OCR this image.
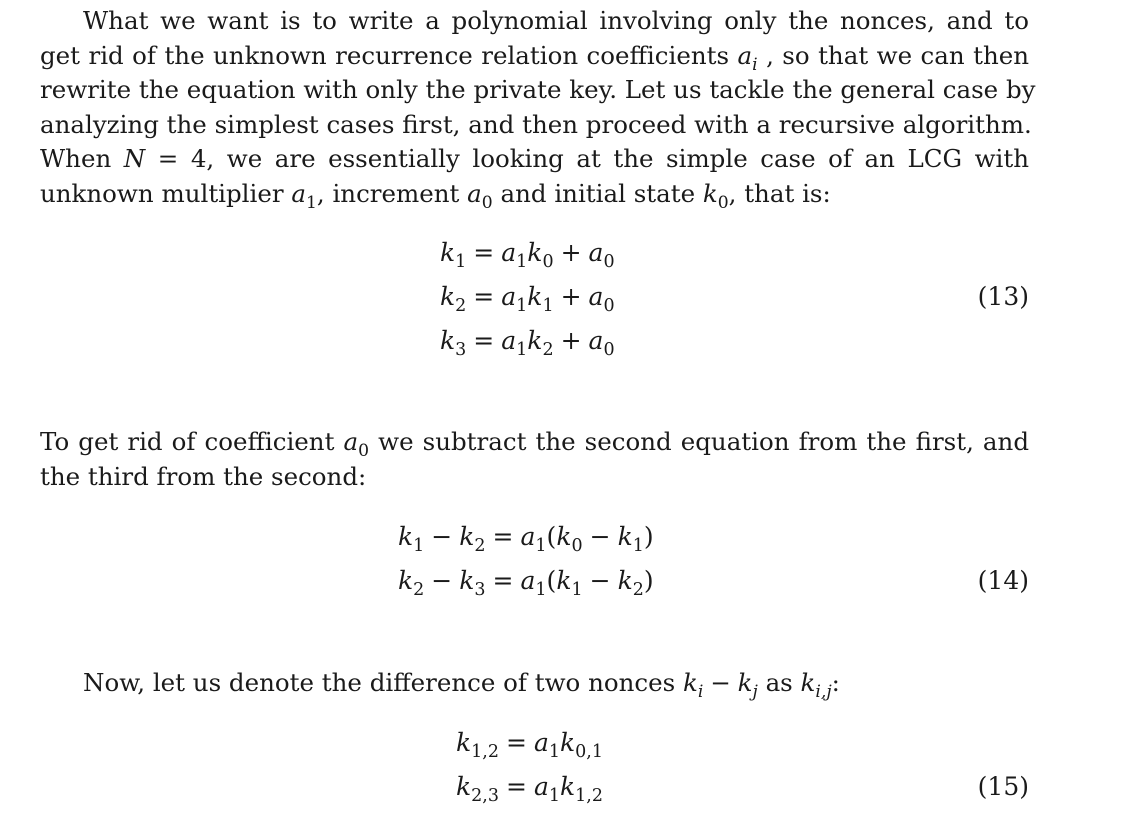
What we want is to write a polynomial involving only the nonces, and to
get rid of the unknown recurrence relation coefficients $a_i$ , so that we can then
rewrite the equation with only the private key. Let us tackle the general case by
analyzing the simplest cases first, and then proceed with a recursive algorithm.
When N = 4, we are essentially looking at the simple case of an LCG with
unknown multiplier $a_1$, increment $a_0$ and initial state $k_0$, that is:
$k_1 = a_1k_0 + a_0$
$k_2 = a_1k_1 + a_0$
$k_3 = a_1k_2 + a_0$
(13)
To get rid of coefficient $a_0$ we subtract the second equation from the first, and
the third from the second:
$k_1 - k_2 = a_1(k_0 - k_1)$
$k_2 - k_3 = a_1(k_1 - k_2)$	(14)
Now, let us denote the difference of two nonces $k_i - k_j$ as $k_{i,j}$:
$k_{1,2} = a_1k_{0,1}$
$k_{2,3} = a_1k_{1,2}$	(15)
